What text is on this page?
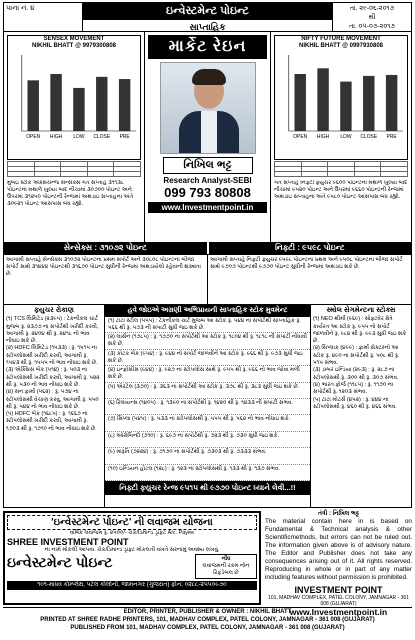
પાના નં. ૪	ઇન્વેસ્ટમેન્ટ પોઇન્ટ
સાપ્તાહિક
તા. ૨૯-૦૬-૨૦૧૭
થી
તા. ૦૫-૦૭-૨૦૧૭
SENSEX MOVEMENT
NIKHIL BHATT @ 9979300808
OPEN HIGH LOW CLOSE PRE

મુંબઇ સ્ટોક એક્સચેન્જ સેન્સેક્સ ગત સપ્તાહે ૩૧૧૩૮ પોઇન્ટના મથાળે ખુલ્યા બાદ નીચામાં ૩૦૭૦૦ પોઇન્ટ અને ઉપરમાં ૩૧૨૫૦ પોઇન્ટની રેન્જમાં અથડાઇ સપ્તાહના અંતે ૩૦૯૨૧ પોઇન્ટ આસપાસ બંધ રહ્યો.
માર્કેટ રેઇન
નિખિલ ભટ્ટ
Research Analyst-SEBI
099 793 80808
www.Investmentpoint.in
NIFTY FUTURE MOVEMENT
NIKHIL BHATT @ 0997930808
OPEN HIGH LOW CLOSE PRE

ગત સપ્તાહે નિફ્ટી ફ્યુચર ૯૬૦૦ પોઇન્ટના મથાળે ખુલ્યા બાદ નીચામાં ૯૫૨૦ પોઇન્ટ અને ઉપરમાં ૯૬૬૦ પોઇન્ટની રેન્જમાં અથડાઇ સપ્તાહના અંતે ૯૫૮૦ પોઇન્ટ આસપાસ બંધ રહ્યો.
સેન્સેક્સ : ૩૧૦૭૨ પોઇન્ટ	નિફ્ટી : ૯૫૯૮ પોઇન્ટ
આગામી સપ્તાહે સેન્સેક્સ ૩૧૦૭૨ પોઇન્ટના પ્રથમ સપોર્ટ અને ૩૦૮૦૮ પોઇન્ટના બીજા સપોર્ટ સાથે ૩૧૪૪૪ પોઇન્ટથી ૩૧૬૭૦ પોઇન્ટ સુધીની રેન્જમાં અથડાયેલો રહેવાની શક્યતા છે.
આગામી સપ્તાહે નિફ્ટી ફ્યુચર ૯૫૯૮ પોઇન્ટના પ્રથમ અને ૯૫૦૮ પોઇન્ટના બીજા સપોર્ટ સાથે ૯૭૦૭ પોઇન્ટથી ૯૭૭૦ પોઇન્ટ સુધીની રેન્જમાં અથડાઇ શકે છે.
ફ્યુચર રોકાણ
(૧) TCS લિમિટેડ (૨૩૯૫) : ટેકનીકલ ચાર્ટ મુજબ રૂ. ૨૩૭૭ ના સપોર્ટથી ખરીદી કરવી, આગામી રૂ. ૨૪૦૪ થી રૂ. ૨૪૧૮ નો ભાવ નોંધાઇ શકે છે.
(૨) HDFC લિમિટેડ (૧૫૩૩) : રૂ. ૧૫૧૫ ના સ્ટોપલોસથી ખરીદી કરવી, આગામી રૂ. ૧૫૪૩ થી રૂ. ૧૫૫૫ નો ભાવ નોંધાઇ શકે છે.
(૩) એક્સિસ બેંક (૫૧૪) : રૂ. ૫૦૩ ના સ્ટોપલોસથી ખરીદી કરવી, આગામી રૂ. ૫૨૨ થી રૂ. ૫૩૦ નો ભાવ નોંધાઇ શકે છે.
(૪) સન ફાર્મા (૫૬૨) : રૂ. ૫૭૪ ના સ્ટોપલોસથી વેચાણ કરવું, આગામી રૂ. ૫૫૦ થી રૂ. ૫૪૪ નો ભાવ નોંધાઇ શકે છે.
(૫) HDFC બેંક (૧૬૮૫) : રૂ. ૧૬૬૭ ના સ્ટોપલોસથી ખરીદી કરવી, આગામી રૂ. ૧૭૦૩ થી રૂ. ૧૭૧૦ નો ભાવ નોંધાઇ શકે છે.
હવે જોઇએ અગ્રણી અભિપ્રાયની સાપ્તાહિક સ્ટોક મુવમેન્ટ
(૧) ટાટા સ્ટીલ (૫૫૫) : ટેકનીકલ ચાર્ટ મુજબ આ સ્ટોક રૂ. ૫૪૪ ના સપોર્ટથી સાપ્તાહિક રૂ. ૫૬૬ થી રૂ. ૫૭૩ ની સપાટી સુધી જઇ શકે છે.
(૨) લાર્સન (૧૭૮૫) : રૂ. ૧૭૭૦ ના સપોર્ટથી આ સ્ટોક રૂ. ૧૮૦૪ થી રૂ. ૧૮૧૮ ની સપાટી નોંધાવી શકે છે.
(૩) કોટક બેંક (૯૫૪) : રૂ. ૯૪૪ નો સપોર્ટ જાળવીને આ સ્ટોક રૂ. ૯૬૬ થી રૂ. ૯૭૩ સુધી જઇ શકે છે.
(૪) ઇન્ફોસીસ (૯૪૪) : રૂ. ૯૨૭ ના સ્ટોપલોસ સાથે રૂ. ૯૫૫ થી રૂ. ૯૬૬ નો ભાવ જોવા મળી શકે છે.
(૫) એરટેલ (૩૭૦) : રૂ. ૩૬૩ ના સપોર્ટથી આ સ્ટોક રૂ. ૩૭૮ થી રૂ. ૩૮૩ સુધી જઇ શકે છે.
(૬) રિલાયન્સ (૧૪૦૫) : રૂ. ૧૩૯૦ ના સપોર્ટથી રૂ. ૧૪૨૦ થી રૂ. ૧૪૩૩ ની સપાટી સંભવ.
(૭) સિપ્લા (૫૪૫) : રૂ. ૫૩૩ ના સ્ટોપલોસથી રૂ. ૫૫૫ થી રૂ. ૫૬૨ નો ભાવ નોંધાઇ શકે.
(૮) ઓરોબિન્દો (૭૧૦) : રૂ. ૬૯૭ ના સપોર્ટથી રૂ. ૭૨૩ થી રૂ. ૭૩૦ સુધી જઇ શકે.
(૯) મારૂતિ (૭૨૨૪) : રૂ. ૭૧૭૦ ના સપોર્ટથી રૂ. ૭૩૦૩ થી રૂ. ૭૩૩૩ સંભવ.
(૧૦) ઇન્ડિયન હોટલ (૧૨૮) : રૂ. ૧૨૩ ના સ્ટોપલોસથી રૂ. ૧૩૩ થી રૂ. ૧૩૭ સંભવ.
નિફ્ટી ફ્યુચર રેન્જ ૯૫૧૫ થી ૯૭૭૦ પોઇન્ટ ધ્યાને લેવી...!!
સ્મોલ સેગમેન્ટના સ્ટોક્સ
(૧) NEO થીર્માં (૯૬૯) : સોફ્ટવેર ક્ષેત્રે કાર્યરત આ સ્ટોક રૂ. ૯૫૫ નો સપોર્ટ જાળવીને રૂ. ૯૮૪ થી રૂ. ૯૯૩ સુધી જઇ શકે છે.
(૨) સિપ્લાક (૪૯૯) : ફાર્મા સેક્ટરનો આ સ્ટોક રૂ. ૪૯૦ ના સપોર્ટથી રૂ. ૫૦૮ થી રૂ. ૫૧૫ સંભવ.
(૩) ડાબર ઇન્ડિયા (૨૯૩) : રૂ. ૨૮૭ ના સ્ટોપલોસથી રૂ. ૩૦૦ થી રૂ. ૩૦૭ સંભવ.
(૪) ભારત ફોર્જ (૧૧૮૫) : રૂ. ૧૧૭૦ ના સપોર્ટથી રૂ. ૧૨૦૩ સંભવ.
(૫) ટાટા મોટર્સ (૪૫૨) : રૂ. ૪૪૪ ના સ્ટોપલોસથી રૂ. ૪૬૦ થી રૂ. ૪૬૬ સંભવ.
'ઇન્વેસ્ટમેન્ટ પોઇન્ટ' ની લવાજમ યોજના
વાર્ષિક લવાજમ રૂ. ૨૫૦૦/- ચેક/ડિમાન્ડ ડ્રાફ્ટ A/c. Payee
SHREE INVESTMENT POINT
ના નામે મોકલી આપવા. ચેક/ડિમાન્ડ ડ્રાફ્ટ મોકલતી વખતે સરનામું અવશ્ય લખવું.
ઇન્વેસ્ટમેન્ટ પોઇન્ટ	નોંધ
લવાજમની રકમ નોન રિફંડેબલ છે
૧૦૧-માધવ કોમ્પ્લેક્ષ, પટેલ કોલોની, જામનગર (ગુજરાત) ફોન: ૦૨૮૮-૨૫૫૦૯૭૦
તંત્રી : નિખિલ ભટ્ટ
The material contain here in is based on Fundamental & Technical analysis & other Scientificmethods, but errors can not be ruled out. The information given above is of advisory nature. The Editor and Publisher does not take any consequences arising out of it. All rights reserved. Reproducing in whole or in part of any matter including features without permission is prohibited.
INVESTMENT POINT
101, MADHAV COMPLEX, PATEL COLONY, JAMNAGAR - 361 008 (GUJARAT)
www.Investmentpoint.in
EDITOR, PRINTER, PUBLISHER & OWNER : NIKHIL BHATT
PRINTED AT SHREE RADHE PRINTERS, 101, MADHAV COMPLEX, PATEL COLONY, JAMNAGAR - 361 008 (GUJARAT)
PUBLISHED FROM 101, MADHAV COMPLEX, PATEL COLONY, JAMNAGAR - 361 008 (GUJARAT)
